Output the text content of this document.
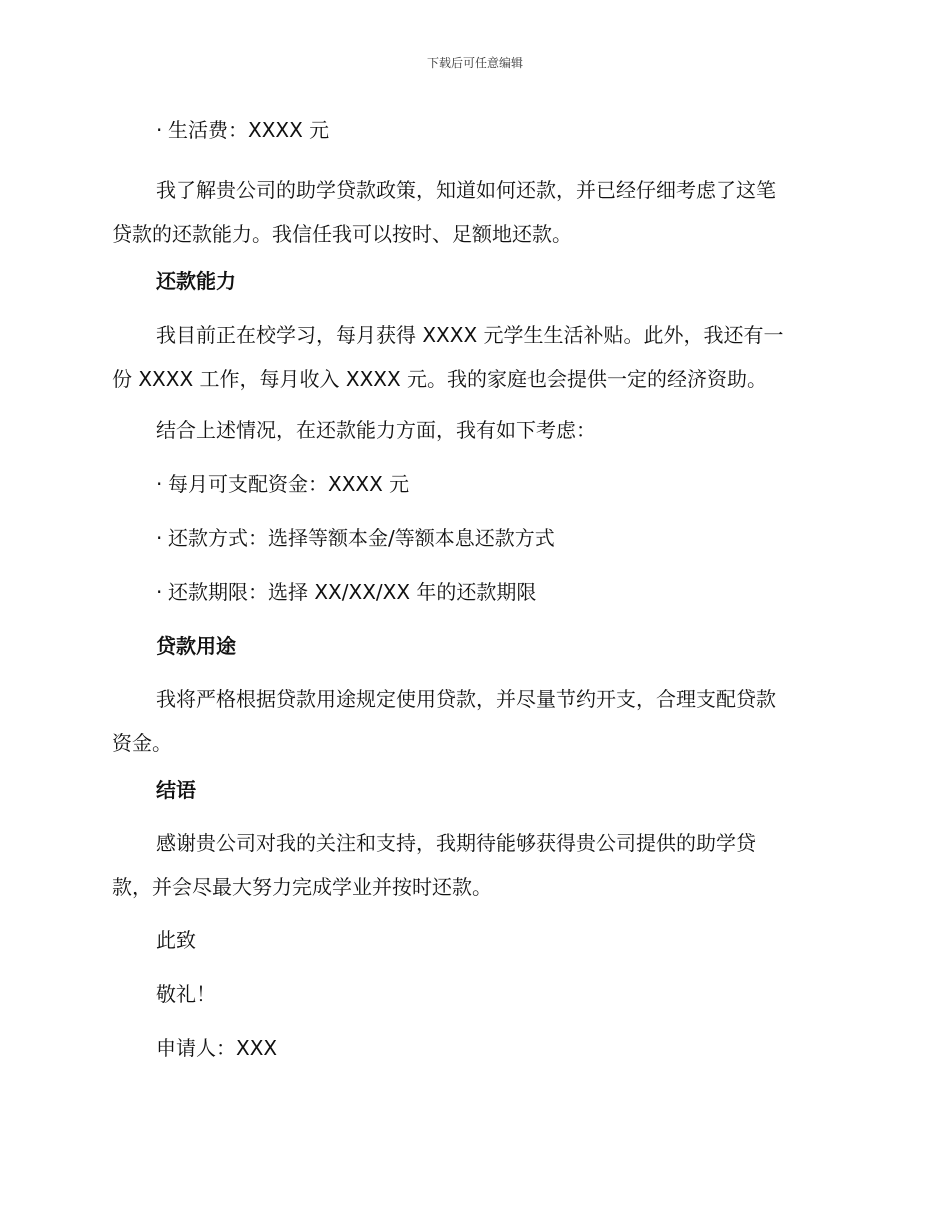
下载后可任意编辑
· 生活费：XXXX 元
我了解贵公司的助学贷款政策，知道如何还款，并已经仔细考虑了这笔
贷款的还款能力。我信任我可以按时、足额地还款。
还款能力
我目前正在校学习，每月获得 XXXX 元学生生活补贴。此外，我还有一
份 XXXX 工作，每月收入 XXXX 元。我的家庭也会提供一定的经济资助。
结合上述情况，在还款能力方面，我有如下考虑：
· 每月可支配资金：XXXX 元
· 还款方式：选择等额本金/等额本息还款方式
· 还款期限：选择 XX/XX/XX 年的还款期限
贷款用途
我将严格根据贷款用途规定使用贷款，并尽量节约开支，合理支配贷款
资金。
结语
感谢贵公司对我的关注和支持，我期待能够获得贵公司提供的助学贷
款，并会尽最大努力完成学业并按时还款。
此致
敬礼！
申请人：XXX
